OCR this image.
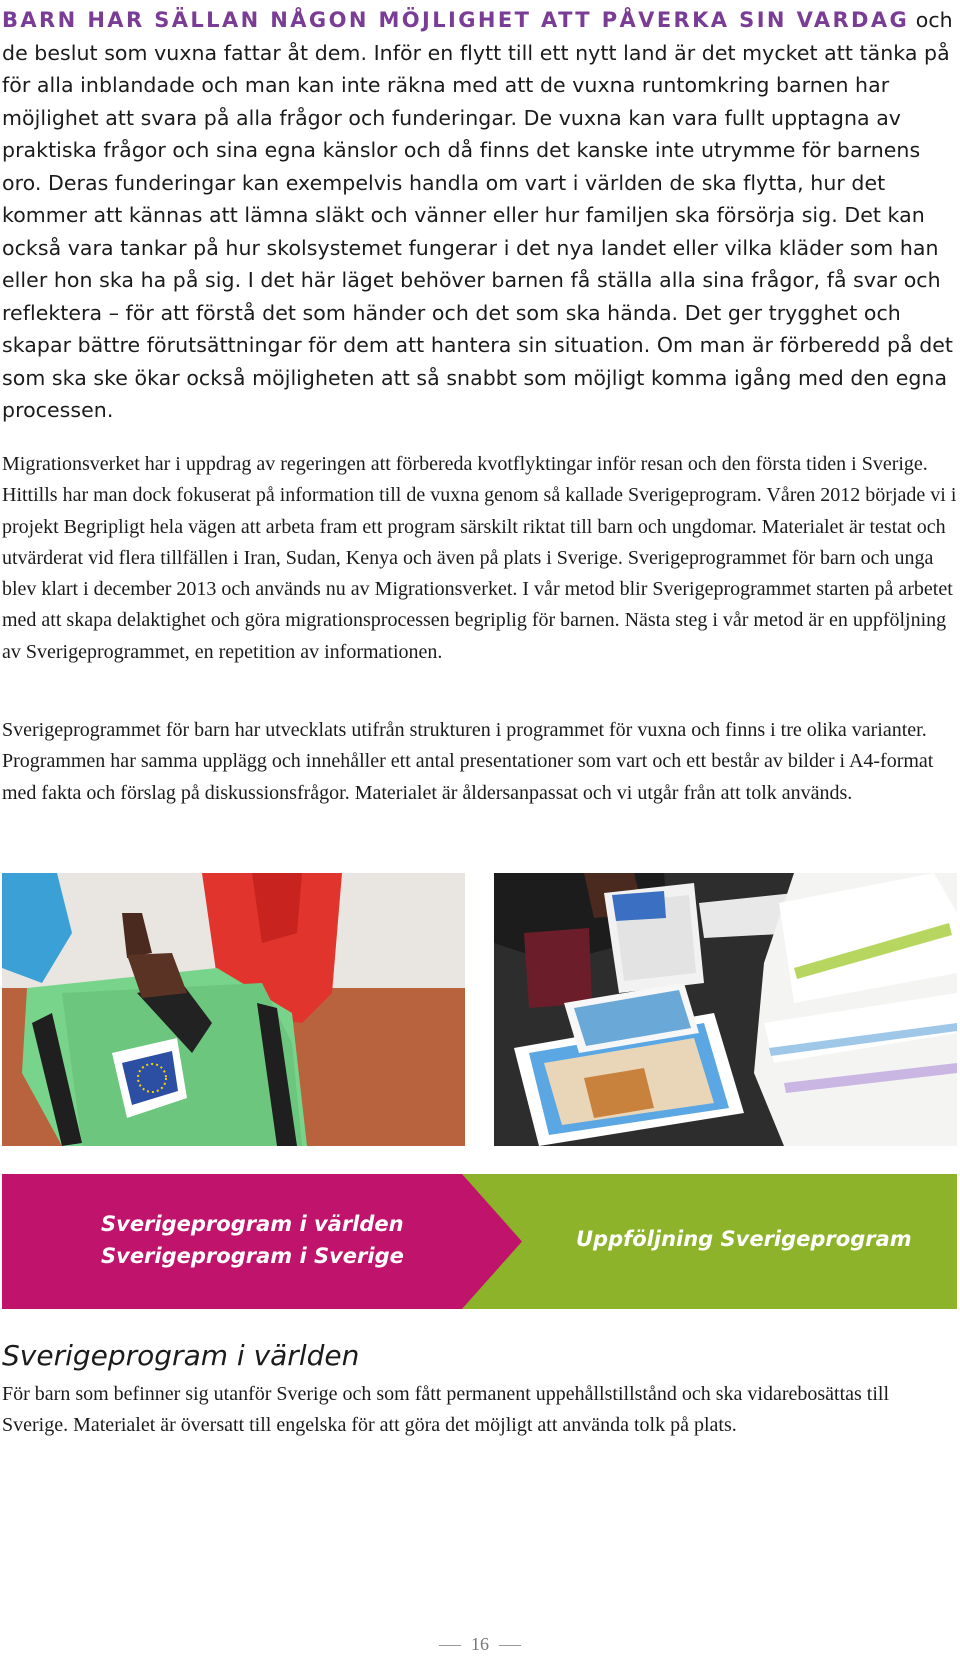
BARN HAR SÄLLAN NÅGON MÖJLIGHET ATT PÅVERKA SIN VARDAG och de beslut som vuxna fattar åt dem. Inför en flytt till ett nytt land är det mycket att tänka på för alla inblandade och man kan inte räkna med att de vuxna runtomkring barnen har möjlighet att svara på alla frågor och funderingar. De vuxna kan vara fullt upptagna av praktiska frågor och sina egna känslor och då finns det kanske inte utrymme för barnens oro. Deras funderingar kan exempelvis handla om vart i världen de ska flytta, hur det kommer att kännas att lämna släkt och vänner eller hur familjen ska försörja sig. Det kan också vara tankar på hur skolsystemet fungerar i det nya landet eller vilka kläder som han eller hon ska ha på sig. I det här läget behöver barnen få ställa alla sina frågor, få svar och reflektera – för att förstå det som händer och det som ska hända. Det ger trygghet och skapar bättre förutsättningar för dem att hantera sin situation. Om man är förberedd på det som ska ske ökar också möjligheten att så snabbt som möjligt komma igång med den egna processen.

Migrationsverket har i uppdrag av regeringen att förbereda kvotflyktingar inför resan och den första tiden i Sverige. Hittills har man dock fokuserat på information till de vuxna genom så kallade Sverigeprogram. Våren 2012 började vi i projekt Begripligt hela vägen att arbeta fram ett program särskilt riktat till barn och ungdomar. Materialet är testat och utvärderat vid flera tillfällen i Iran, Sudan, Kenya och även på plats i Sverige. Sverigeprogrammet för barn och unga blev klart i december 2013 och används nu av Migrationsverket. I vår metod blir Sverigeprogrammet starten på arbetet med att skapa delaktighet och göra migrationsprocessen begriplig för barnen. Nästa steg i vår metod är en uppföljning av Sverigeprogrammet, en repetition av informationen.

Sverigeprogrammet för barn har utvecklats utifrån strukturen i programmet för vuxna och finns i tre olika varianter. Programmen har samma upplägg och innehåller ett antal presentationer som vart och ett består av bilder i A4-format med fakta och förslag på diskussionsfrågor. Materialet är åldersanpassat och vi utgår från att tolk används.

Sverigeprogram i världen
Sverigeprogram i Sverige
Uppföljning Sverigeprogram
Sverigeprogram i världen

För barn som befinner sig utanför Sverige och som fått permanent uppehållstillstånd och ska vidarebosättas till Sverige. Materialet är översatt till engelska för att göra det möjligt att använda tolk på plats.

16
